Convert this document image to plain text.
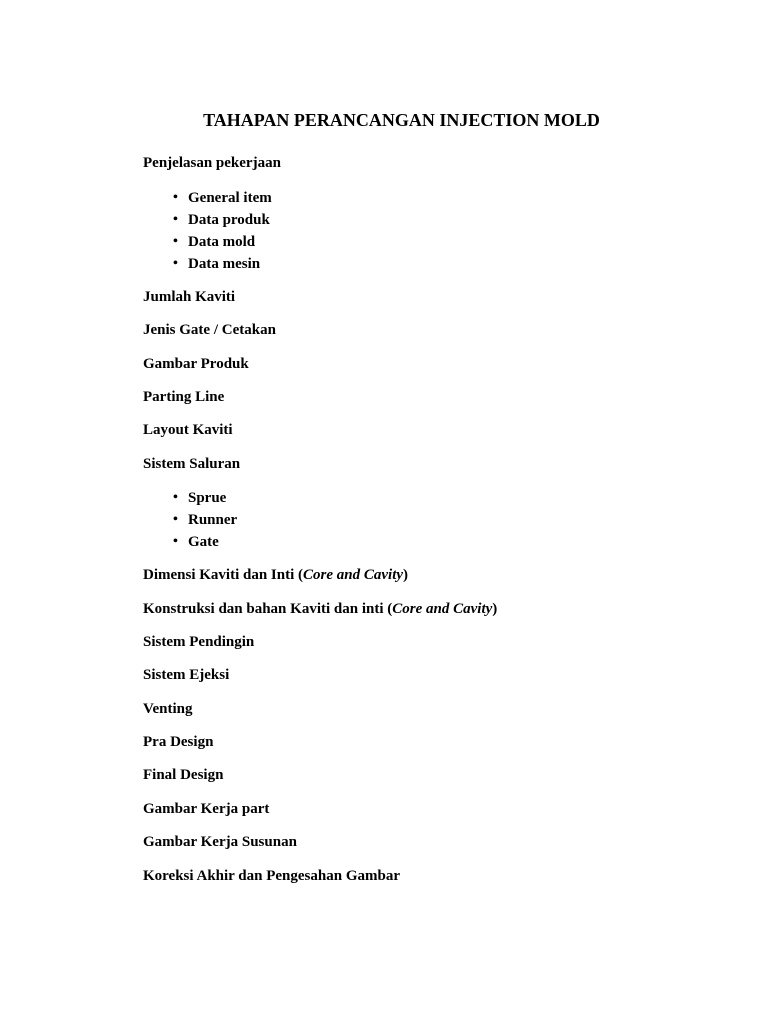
TAHAPAN PERANCANGAN INJECTION MOLD
Penjelasan pekerjaan
• General item
• Data produk
• Data mold
• Data mesin
Jumlah Kaviti
Jenis Gate / Cetakan
Gambar Produk
Parting Line
Layout Kaviti
Sistem Saluran
• Sprue
• Runner
• Gate
Dimensi Kaviti dan Inti (Core and Cavity)
Konstruksi dan bahan Kaviti dan inti (Core and Cavity)
Sistem Pendingin
Sistem Ejeksi
Venting
Pra Design
Final Design
Gambar Kerja part
Gambar Kerja Susunan
Koreksi Akhir dan Pengesahan Gambar
